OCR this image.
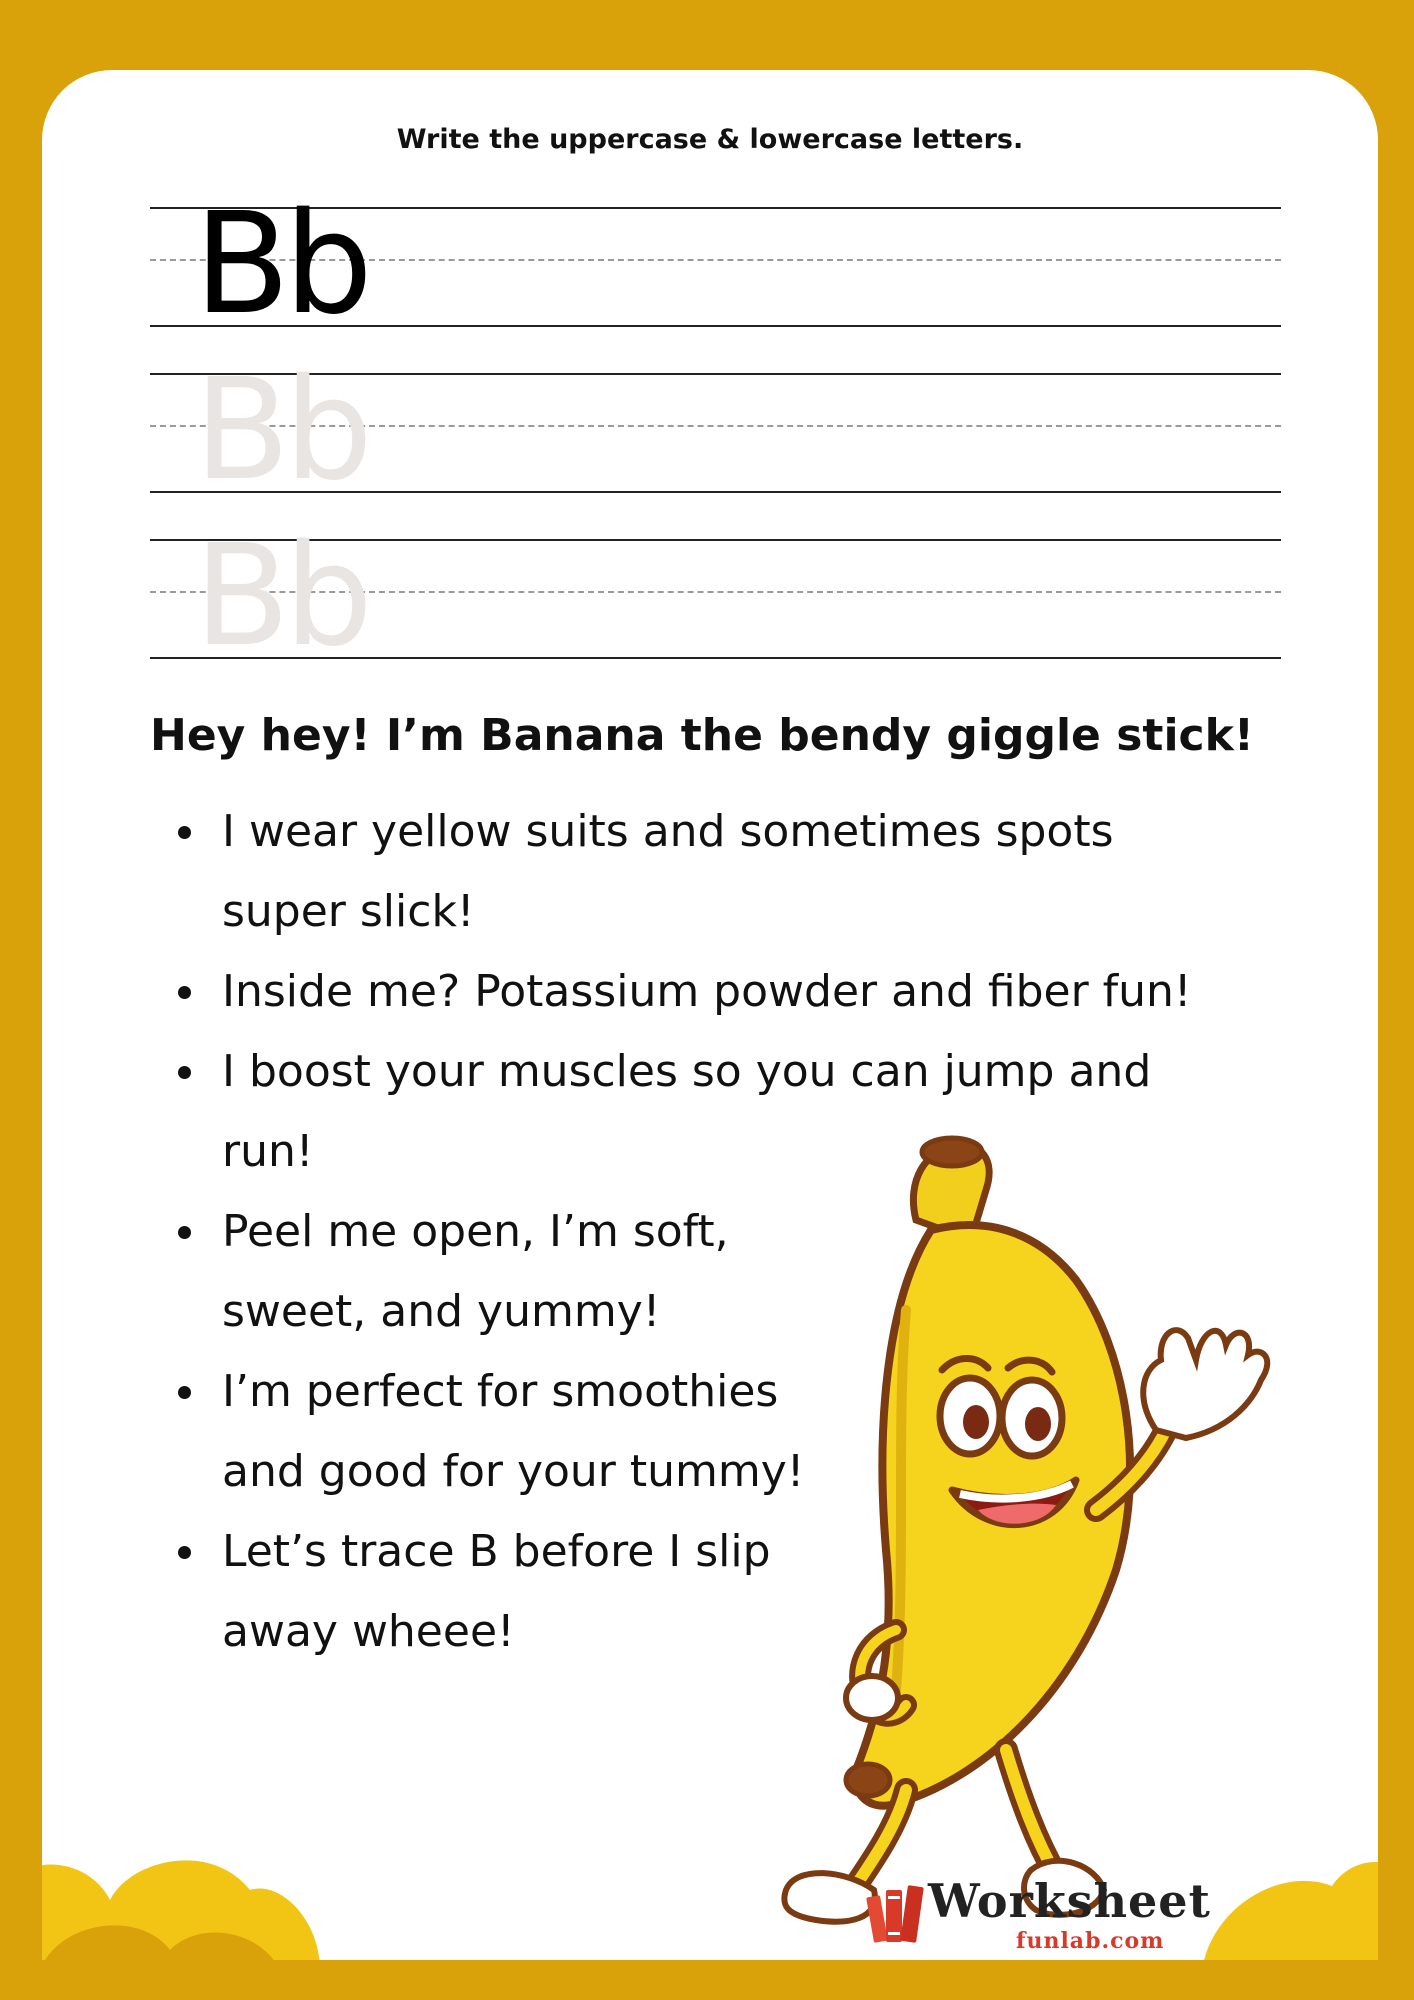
Write the uppercase & lowercase letters.
Bb
Bb
Bb
Hey hey! I’m Banana the bendy giggle stick!
I wear yellow suits and sometimes spots
super slick!
Inside me? Potassium powder and fiber fun!
I boost your muscles so you can jump and
run!
Peel me open, I’m soft,
sweet, and yummy!
I’m perfect for smoothies
and good for your tummy!
Let’s trace B before I slip
away wheee!
Worksheet
funlab.com
